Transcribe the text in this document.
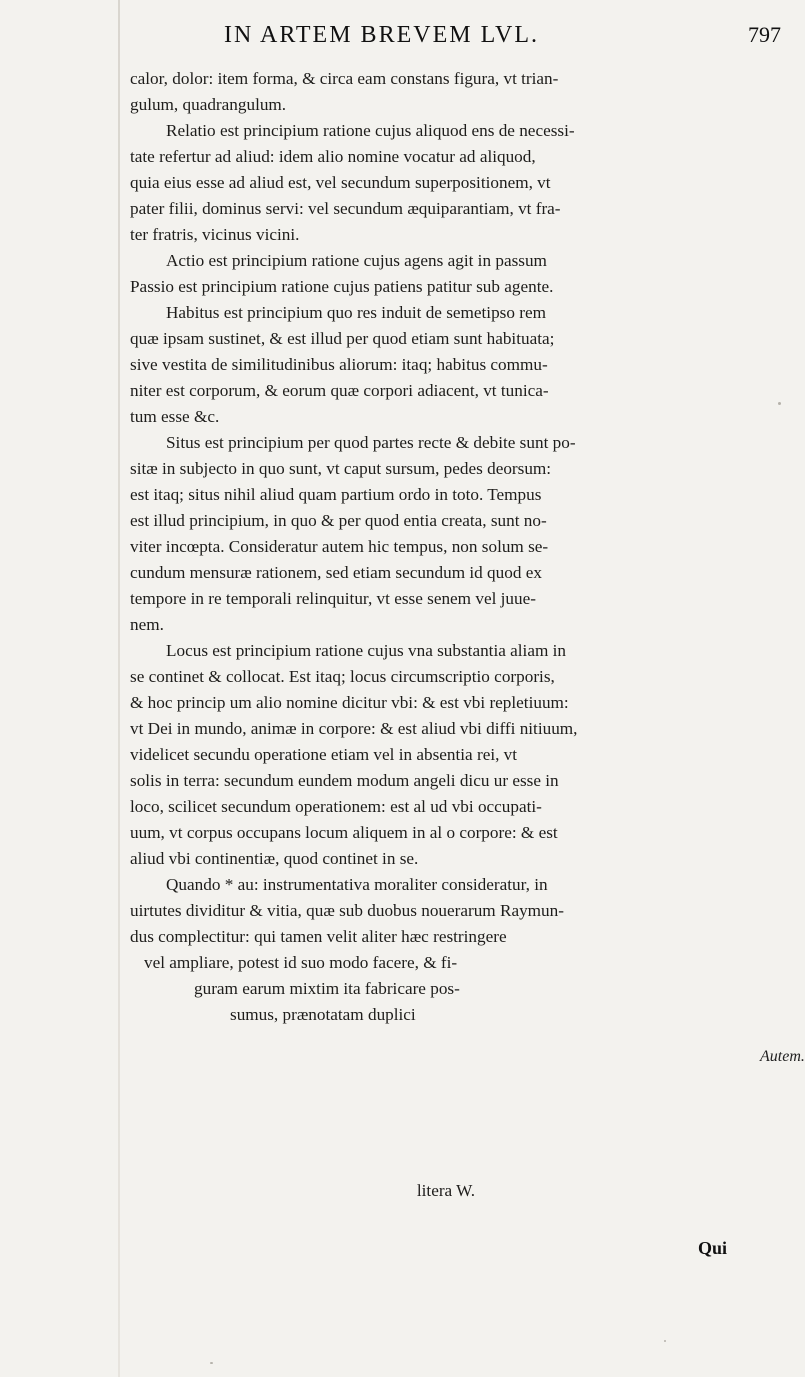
IN ARTEM BREVEM LVL.	797

calor, dolor: item forma, & circa eam constans figura, vt trian-
gulum, quadrangulum.

Relatio est principium ratione cujus aliquod ens de necessi-
tate refertur ad aliud: idem alio nomine vocatur ad aliquod,
quia eius esse ad aliud est, vel secundum superpositionem, vt
pater filii, dominus servi: vel secundum æquiparantiam, vt fra-
ter fratris, vicinus vicini.

Actio est principium ratione cujus agens agit in passum
Passio est principium ratione cujus patiens patitur sub agente.

Habitus est principium quo res induit de semetipso rem
quæ ipsam sustinet, & est illud per quod etiam sunt habituata;
sive vestita de similitudinibus aliorum: itaq; habitus commu-
niter est corporum, & eorum quæ corpori adiacent, vt tunica-
tum esse &c.

Situs est principium per quod partes recte & debite sunt po-
sitæ in subjecto in quo sunt, vt caput sursum, pedes deorsum:
est itaq; situs nihil aliud quam partium ordo in toto. Tempus
est illud principium, in quo & per quod entia creata, sunt no-
viter incœpta. Consideratur autem hic tempus, non solum se-
cundum mensuræ rationem, sed etiam secundum id quod ex
tempore in re temporali relinquitur, vt esse senem vel juue-
nem.

Locus est principium ratione cujus vna substantia aliam in
se continet & collocat. Est itaq; locus circumscriptio corporis,
& hoc princip um alio nomine dicitur vbi: & est vbi repletiuum:
vt Dei in mundo, animæ in corpore: & est aliud vbi diffi nitiuum,
videlicet secundu operatione etiam vel in absentia rei, vt
solis in terra: secundum eundem modum angeli dicu ur esse in
loco, scilicet secundum operationem: est al ud vbi occupati-
uum, vt corpus occupans locum aliquem in al o corpore: & est
aliud vbi continentiæ, quod continet in se.

Quando * au: instrumentativa moraliter consideratur, in
uirtutes dividitur & vitia, quæ sub duobus nouerarum Raymun-
dus complectitur: qui tamen velit aliter hæc restringere
vel ampliare, potest id suo modo facere, & fi-
guram earum mixtim ita fabricare pos-
sumus, prænotatam duplici

litera W.
Autem.
Qui
